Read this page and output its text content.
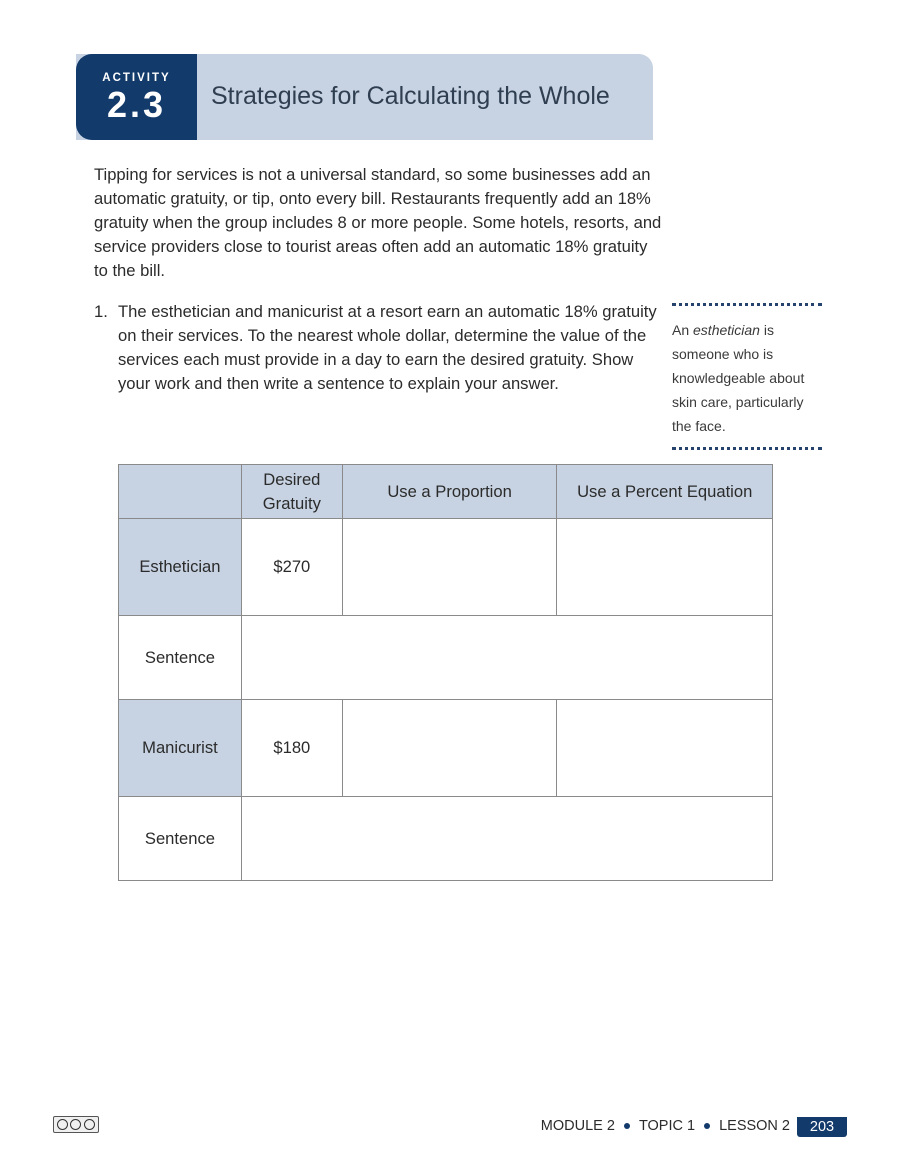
ACTIVITY
2.3	Strategies for Calculating the Whole

Tipping for services is not a universal standard, so some businesses add an automatic gratuity, or tip, onto every bill. Restaurants frequently add an 18% gratuity when the group includes 8 or more people. Some hotels, resorts, and service providers close to tourist areas often add an automatic 18% gratuity to the bill.

1. The esthetician and manicurist at a resort earn an automatic 18% gratuity on their services. To the nearest whole dollar, determine the value of the services each must provide in a day to earn the desired gratuity. Show your work and then write a sentence to explain your answer.
An esthetician is someone who is knowledgeable about skin care, particularly the face.

	Desired Gratuity	Use a Proportion	Use a Percent Equation
Esthetician	$270		
Sentence			
Manicurist	$180		
Sentence			
MODULE 2 TOPIC 1 LESSON 2	203
